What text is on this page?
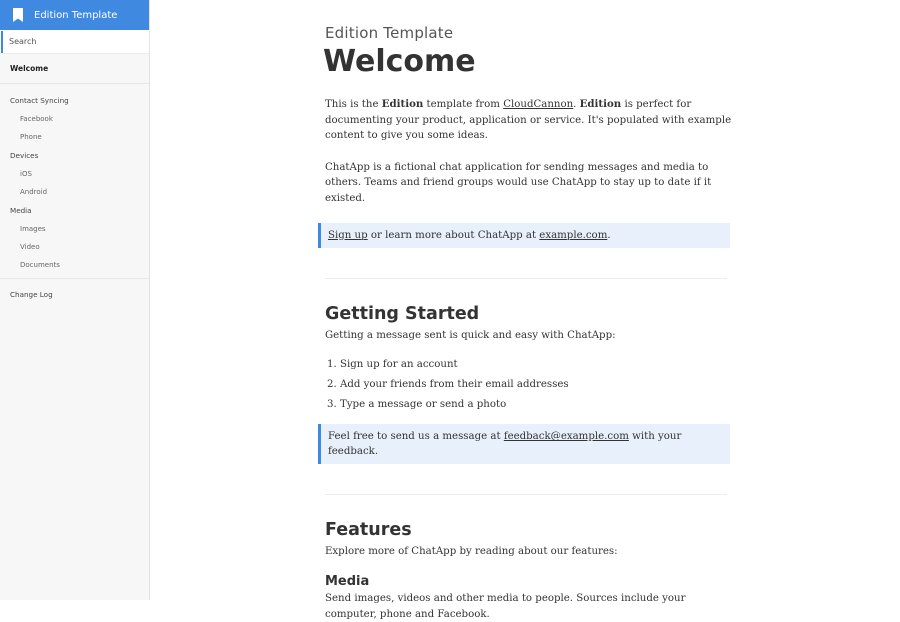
Edition Template
Search
Welcome
Contact Syncing
Facebook
Phone
Devices
iOS
Android
Media
Images
Video
Documents
Change Log
Edition Template
Welcome

This is the Edition template from CloudCannon. Edition is perfect for documenting your product, application or service. It's populated with example content to give you some ideas.

ChatApp is a fictional chat application for sending messages and media to others. Teams and friend groups would use ChatApp to stay up to date if it existed.

Sign up or learn more about ChatApp at example.com.
Getting Started

Getting a message sent is quick and easy with ChatApp:

1. Sign up for an account
2. Add your friends from their email addresses
3. Type a message or send a photo
Feel free to send us a message at feedback@example.com with your feedback.
Features

Explore more of ChatApp by reading about our features:

Media

Send images, videos and other media to people. Sources include your computer, phone and Facebook.
